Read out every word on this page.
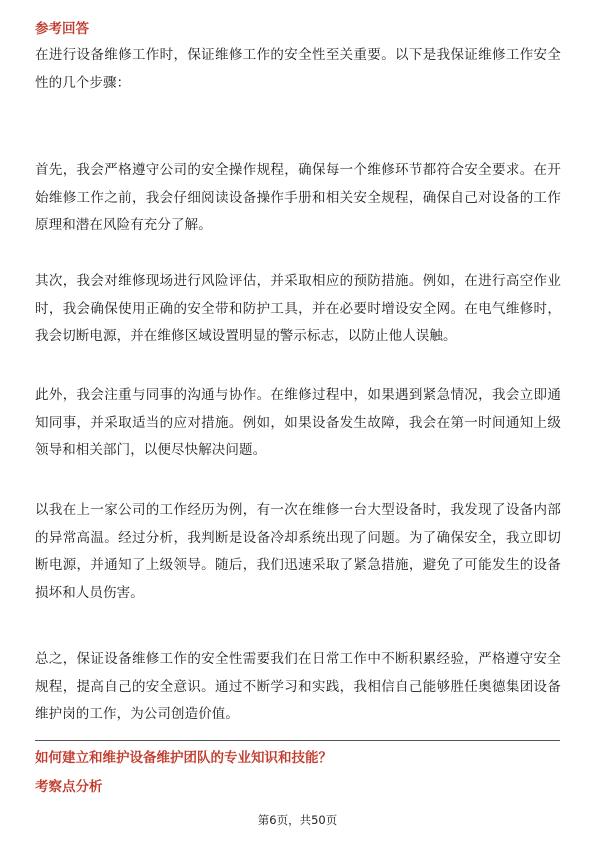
参考回答

在进行设备维修工作时，保证维修工作的安全性至关重要。以下是我保证维修工作安全性的几个步骤：

首先，我会严格遵守公司的安全操作规程，确保每一个维修环节都符合安全要求。在开始维修工作之前，我会仔细阅读设备操作手册和相关安全规程，确保自己对设备的工作原理和潜在风险有充分了解。

其次，我会对维修现场进行风险评估，并采取相应的预防措施。例如，在进行高空作业时，我会确保使用正确的安全带和防护工具，并在必要时增设安全网。在电气维修时，我会切断电源，并在维修区域设置明显的警示标志，以防止他人误触。

此外，我会注重与同事的沟通与协作。在维修过程中，如果遇到紧急情况，我会立即通知同事，并采取适当的应对措施。例如，如果设备发生故障，我会在第一时间通知上级领导和相关部门，以便尽快解决问题。

以我在上一家公司的工作经历为例，有一次在维修一台大型设备时，我发现了设备内部的异常高温。经过分析，我判断是设备冷却系统出现了问题。为了确保安全，我立即切断电源，并通知了上级领导。随后，我们迅速采取了紧急措施，避免了可能发生的设备损坏和人员伤害。

总之，保证设备维修工作的安全性需要我们在日常工作中不断积累经验，严格遵守安全规程，提高自己的安全意识。通过不断学习和实践，我相信自己能够胜任奥德集团设备维护岗的工作，为公司创造价值。

如何建立和维护设备维护团队的专业知识和技能？
考察点分析
第6页，共50页
